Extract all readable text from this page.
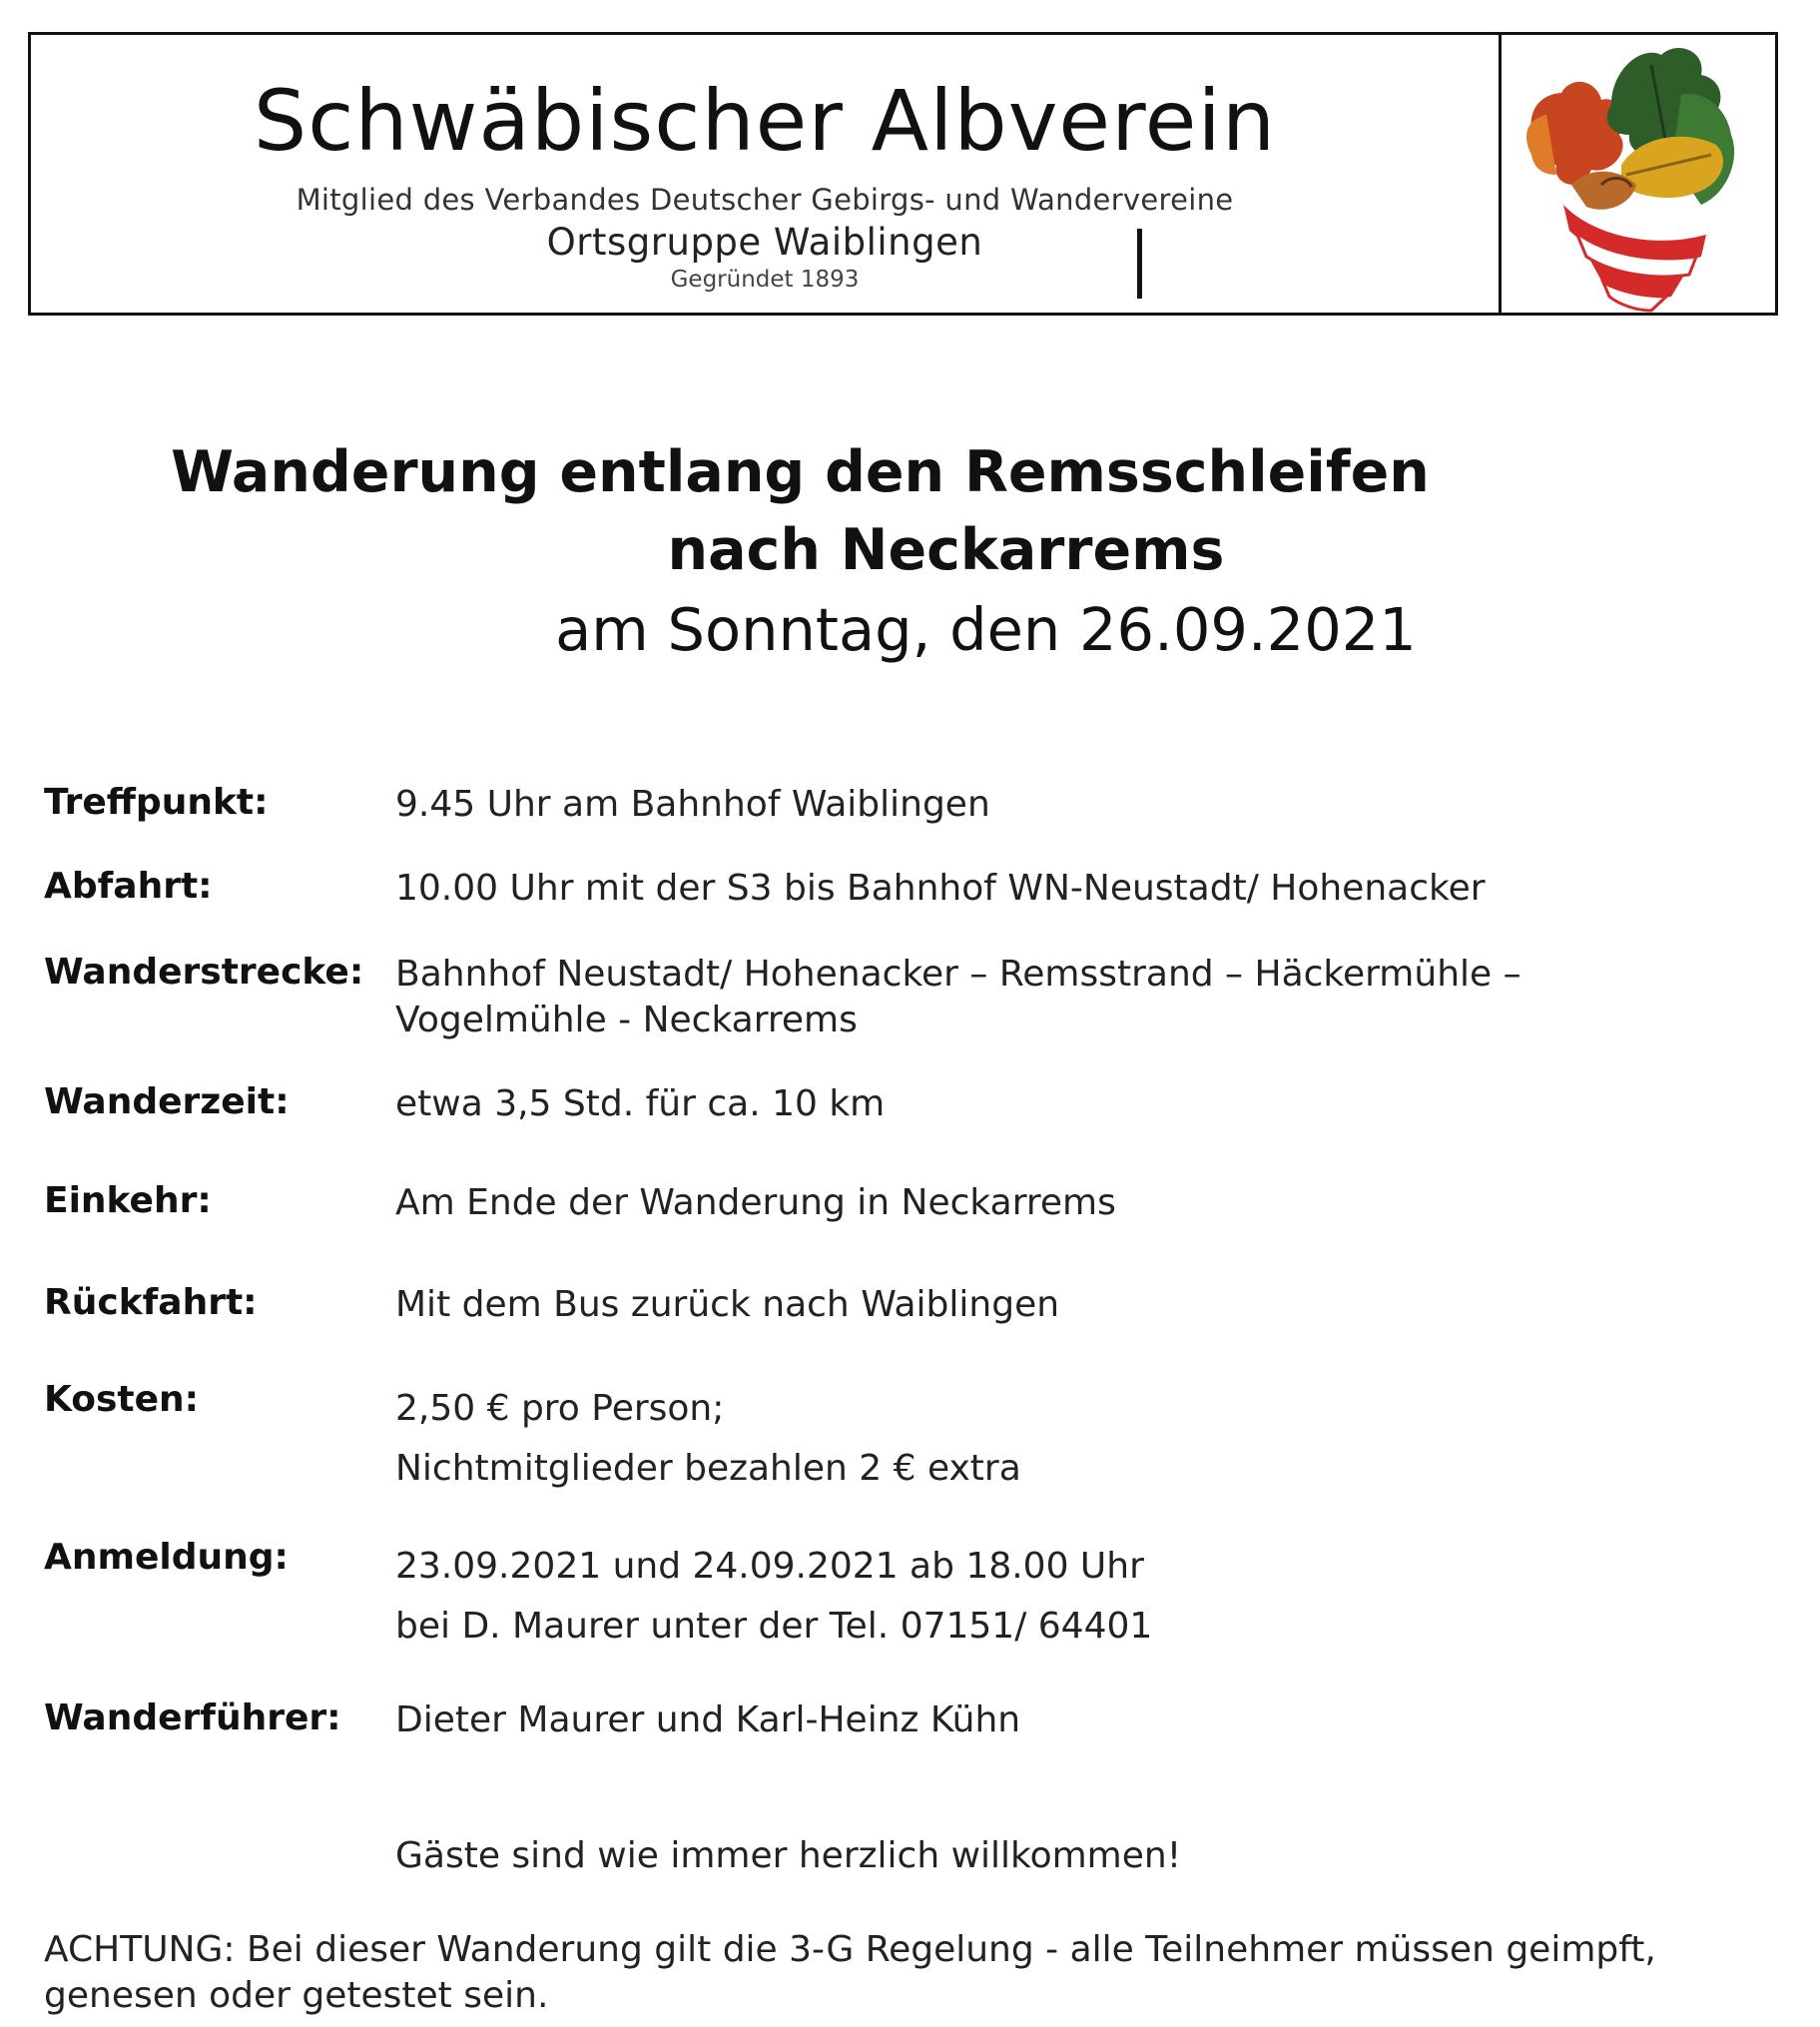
Schwäbischer Albverein
Mitglied des Verbandes Deutscher Gebirgs- und Wandervereine
Ortsgruppe Waiblingen
Gegründet 1893
Wanderung entlang den Remsschleifen
nach Neckarrems
am Sonntag, den 26.09.2021
Treffpunkt:	9.45 Uhr am Bahnhof Waiblingen
Abfahrt:	10.00 Uhr mit der S3 bis Bahnhof WN-Neustadt/ Hohenacker
Wanderstrecke: Bahnhof Neustadt/ Hohenacker – Remsstrand – Häckermühle –
Vogelmühle - Neckarrems
Wanderzeit:	etwa 3,5 Std. für ca. 10 km
Einkehr:	Am Ende der Wanderung in Neckarrems
Rückfahrt:	Mit dem Bus zurück nach Waiblingen
Kosten:	2,50 € pro Person;
Nichtmitglieder bezahlen 2 € extra
Anmeldung:	23.09.2021 und 24.09.2021 ab 18.00 Uhr
bei D. Maurer unter der Tel. 07151/ 64401
Wanderführer: Dieter Maurer und Karl-Heinz Kühn
Gäste sind wie immer herzlich willkommen!
ACHTUNG: Bei dieser Wanderung gilt die 3-G Regelung - alle Teilnehmer müssen geimpft, genesen oder getestet sein.
